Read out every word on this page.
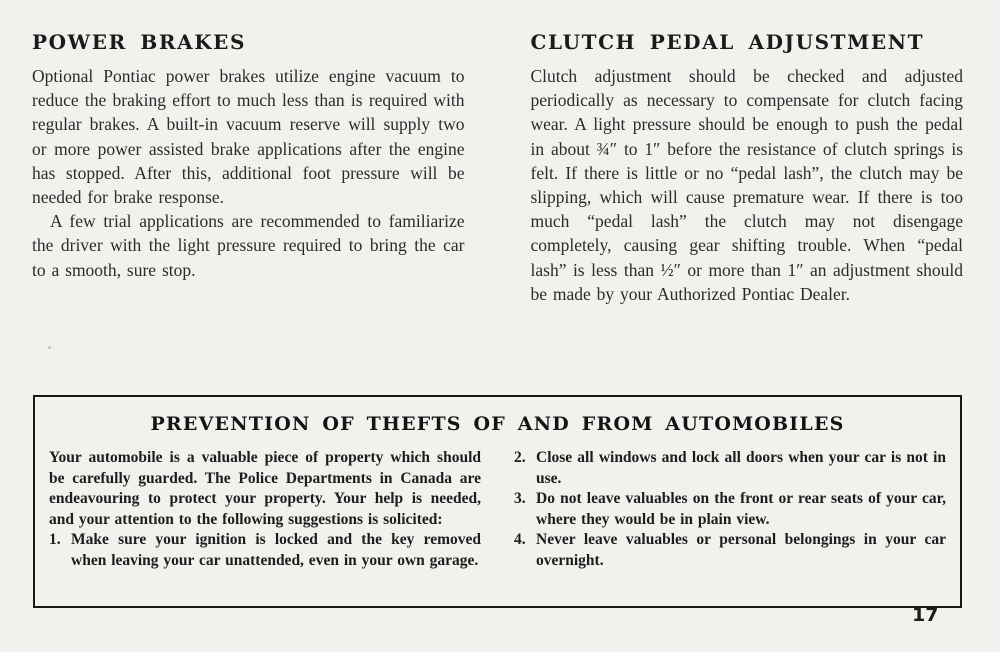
POWER BRAKES

Optional Pontiac power brakes utilize engine vacuum to reduce the braking effort to much less than is required with regular brakes. A built-in vacuum reserve will supply two or more power assisted brake applications after the engine has stopped. After this, additional foot pressure will be needed for brake response.

A few trial applications are recommended to familiarize the driver with the light pressure required to bring the car to a smooth, sure stop.

CLUTCH PEDAL ADJUSTMENT

Clutch adjustment should be checked and adjusted periodically as necessary to compensate for clutch facing wear. A light pressure should be enough to push the pedal in about ¾″ to 1″ before the resistance of clutch springs is felt. If there is little or no “pedal lash”, the clutch may be slipping, which will cause premature wear. If there is too much “pedal lash” the clutch may not disengage completely, causing gear shifting trouble. When “pedal lash” is less than ½″ or more than 1″ an adjustment should be made by your Authorized Pontiac Dealer.

PREVENTION OF THEFTS OF AND FROM AUTOMOBILES

Your automobile is a valuable piece of property which should be carefully guarded. The Police Departments in Canada are endeavouring to protect your property. Your help is needed, and your attention to the following suggestions is solicited:

1. Make sure your ignition is locked and the key removed when leaving your car unattended, even in your own garage.
2. Close all windows and lock all doors when your car is not in use.
3. Do not leave valuables on the front or rear seats of your car, where they would be in plain view.
4. Never leave valuables or personal belongings in your car overnight.
17
